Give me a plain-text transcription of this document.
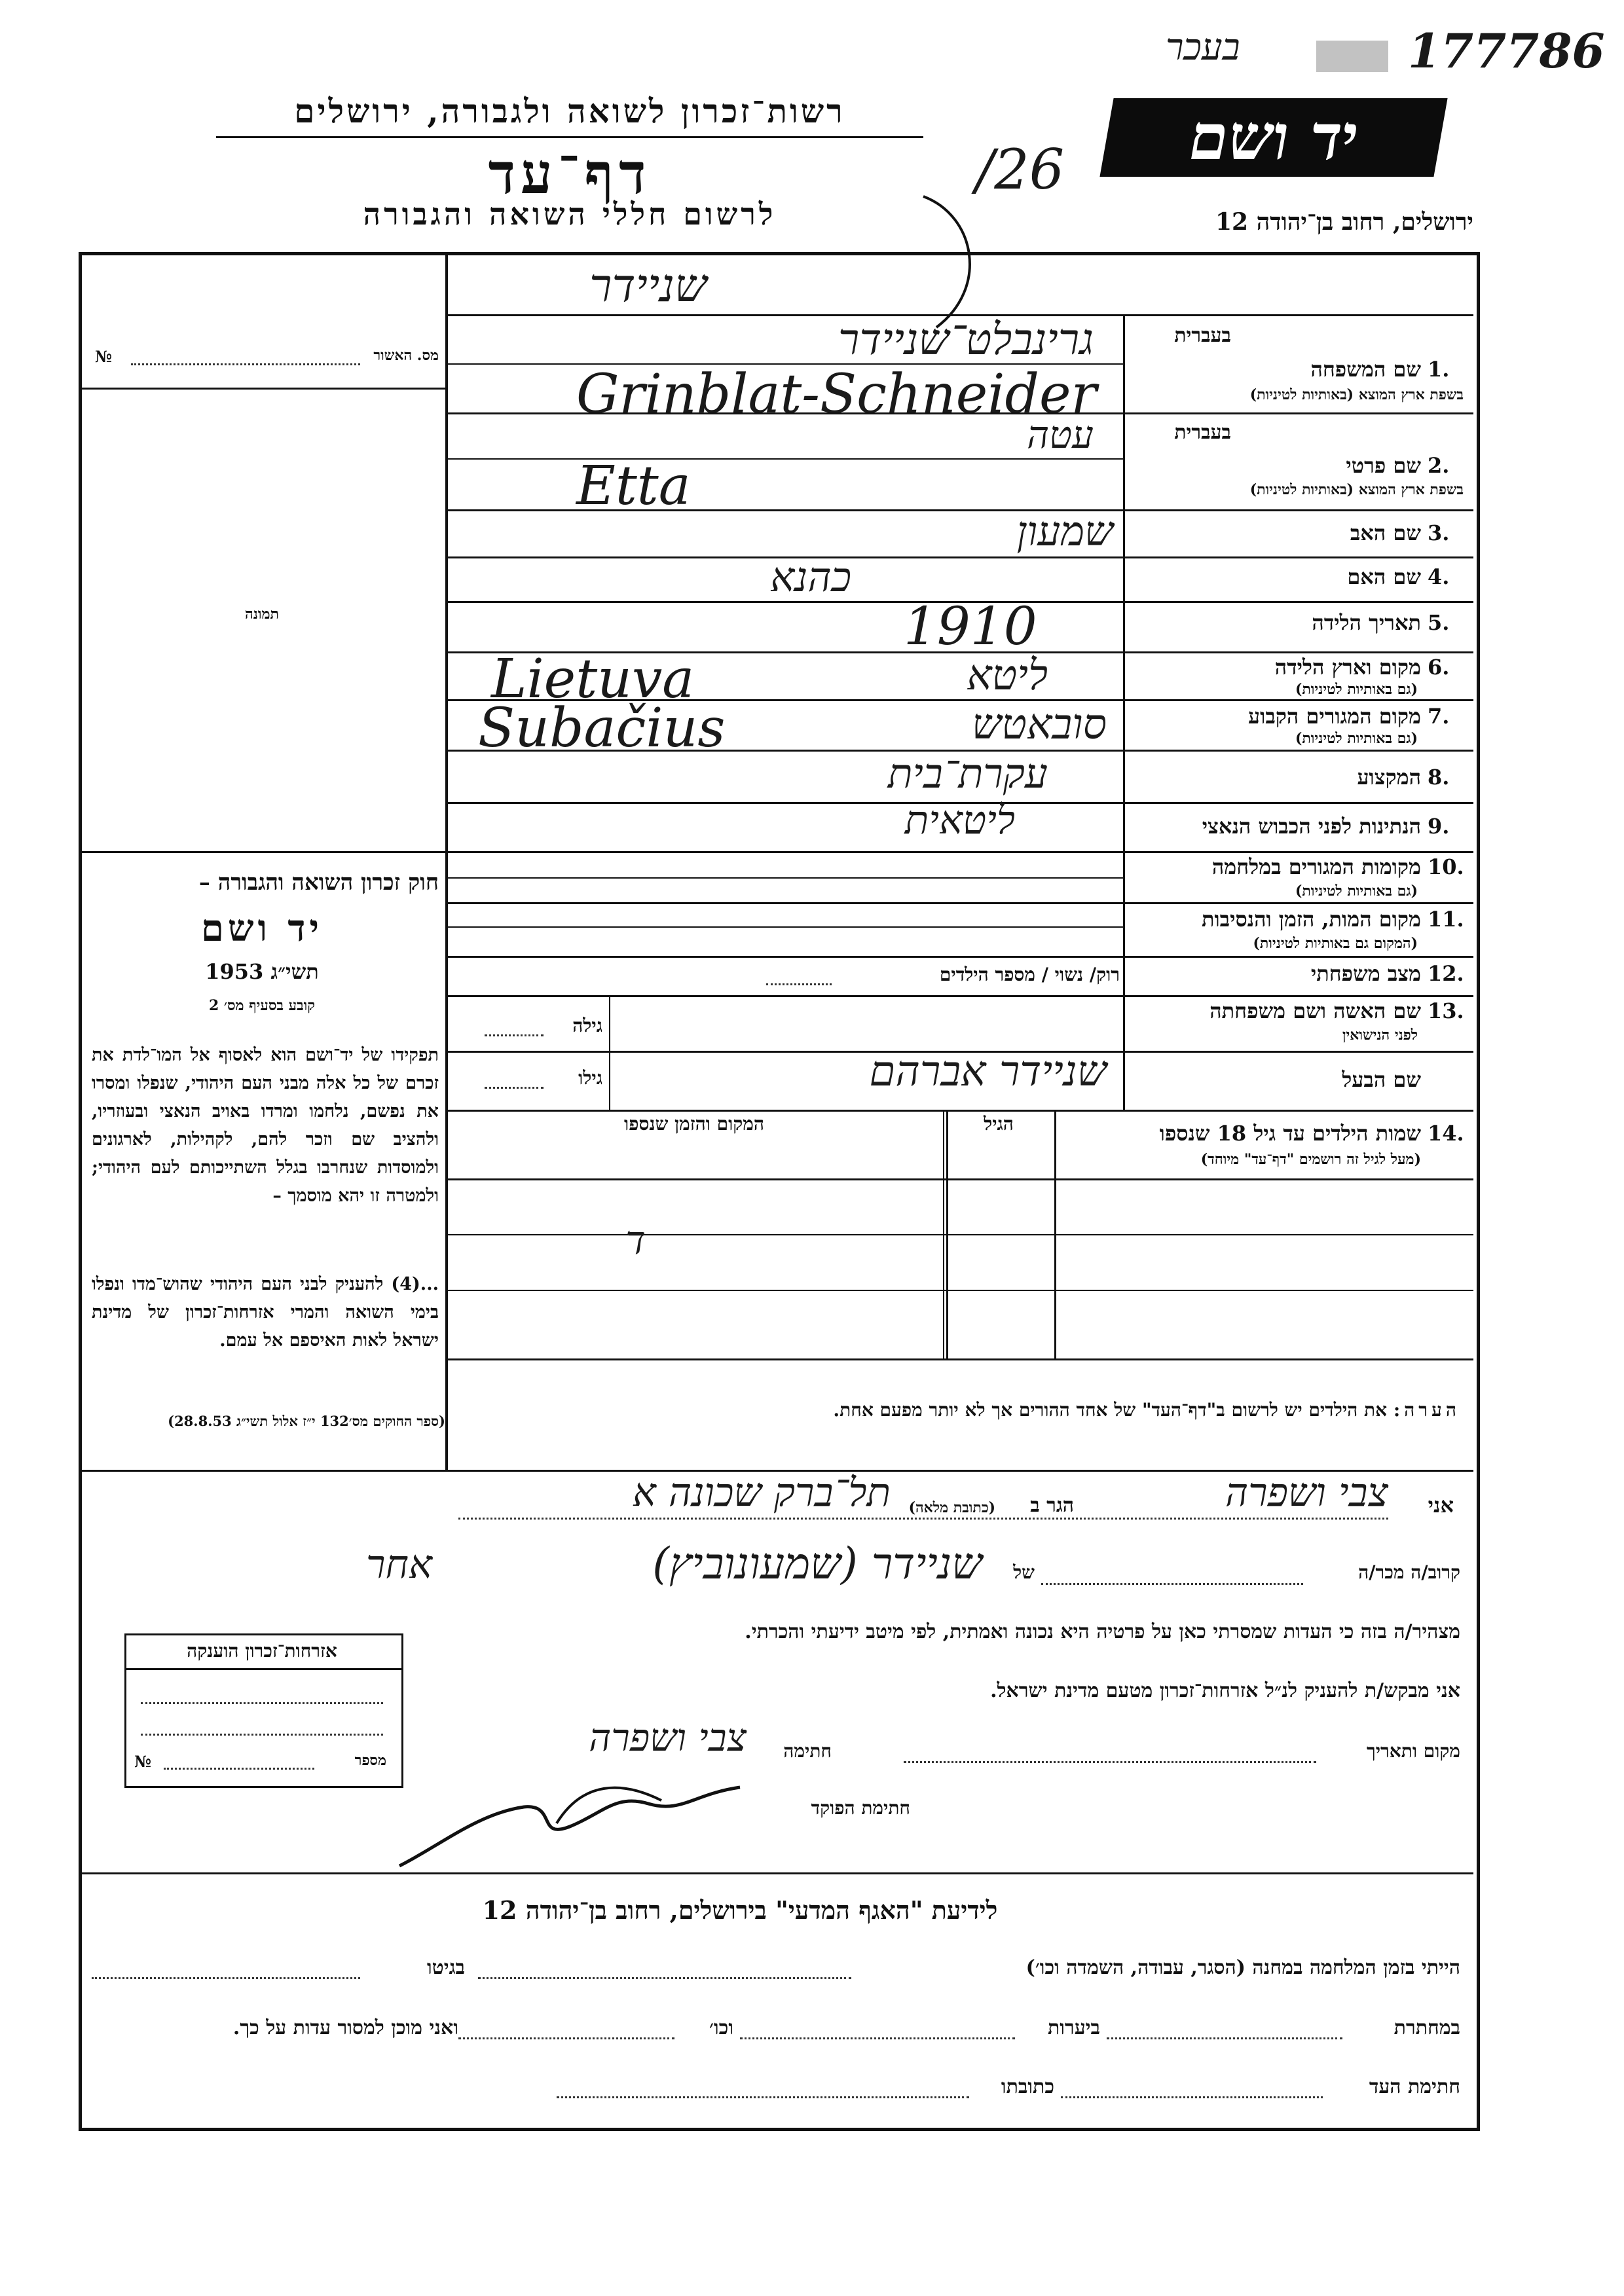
בעכר	177786
רשות־זכרון לשואה ולגבורה, ירושלים
דף־עד
לרשום חללי השואה והגבורה
יד ושם
ירושלים, רחוב בן־יהודה 12
/26
שניידר
מס. האשור
№
תמונה
חוק זכרון השואה והגבורה –
יד ושם
תשי״ג 1953
קובע בסעיף מס׳ 2
תפקידו של יד־ושם הוא לאסוף אל המו־לדת את זכרם של כל אלה מבני העם היהודי, שנפלו ומסרו את נפשם, נלחמו ומרדו באויב הנאצי ובעוזריו, ולהציב שם וזכר להם, לקהילות, לארגונים ולמוסדות שנחרבו בגלל השתייכותם לעם היהודי; ולמטרה זו יהא מוסמך –
...(4) להעניק לבני העם היהודי שהוש־מדו ונפלו בימי השואה והמרי אזרחות־זכרון של מדינת ישראל לאות האיספם אל עמם.
(ספר החוקים מס׳132 י״ז אלול תשי״ג 28.8.53)
בעברית
שם המשפחה 1.
בשפת ארץ המוצא (באותיות לטיניות)
גרינבלט־שניידר
Grinblat-Schneider
בעברית
שם פרטי 2.
בשפת ארץ המוצא (באותיות לטיניות)
עטה
Etta
שם האב 3.
שמעון
שם האם 4.
כהנא
תאריך הלידה 5.
1910
מקום וארץ הלידה 6.
(גם באותיות לטיניות)
Lietuva	ליטא
מקום המגורים הקבוע 7.
(גם באותיות לטיניות)
Subačius	סובאטש
המקצוע 8.
עקרת־בית
הנתינות לפני הכבוש הנאצי 9.
ליטאית
מקומות המגורים במלחמה 10.
(גם באותיות לטיניות)
מקום המות, הזמן והנסיבות 11.
(המקום גם באותיות לטיניות)
מצב משפחתי 12.
רוק/ נשוי / מספר הילדים
שם האשה ושם משפחתה 13.
לפני הנישואין
גילה
שם הבעל
שניידר אברהם
גילו
שמות הילדים עד גיל 18 שנספו 14.
(מעל לגיל זה רושמים "דף־עד" מיוחד)
הגיל
המקום והזמן שנספו
ד
הערה: את הילדים יש לרשום ב"דף־העד" של אחד ההורים אך לא יותר מפעם אחת.
אני
צבי ושפרה
הגר ב
(כתובת מלאה)
תל־ברק שכונה א
קרוב/ה מכר/ה
של
שניידר (שמעונוביץ)
אחר
מצהיר/ה בזה כי העדות שמסרתי כאן על פרטיה היא נכונה ואמתית, לפי מיטב ידיעתי והכרתי.
אני מבקש/ת להעניק לנ״ל אזרחות־זכרון מטעם מדינת ישראל.
מקום ותאריך
חתימה
צבי ושפרה
חתימת הפוקד
אזרחות־זכרון הוענקה
מספר
№
לידיעת "האגף המדעי" בירושלים, רחוב בן־יהודה 12
הייתי בזמן המלחמה במחנה (הסגר, עבודה, השמדה וכו׳)
בגיטו
במחתרת
ביערות
וכו׳
ואני מוכן למסור עדות על כך.
חתימת העד
כתובתו
